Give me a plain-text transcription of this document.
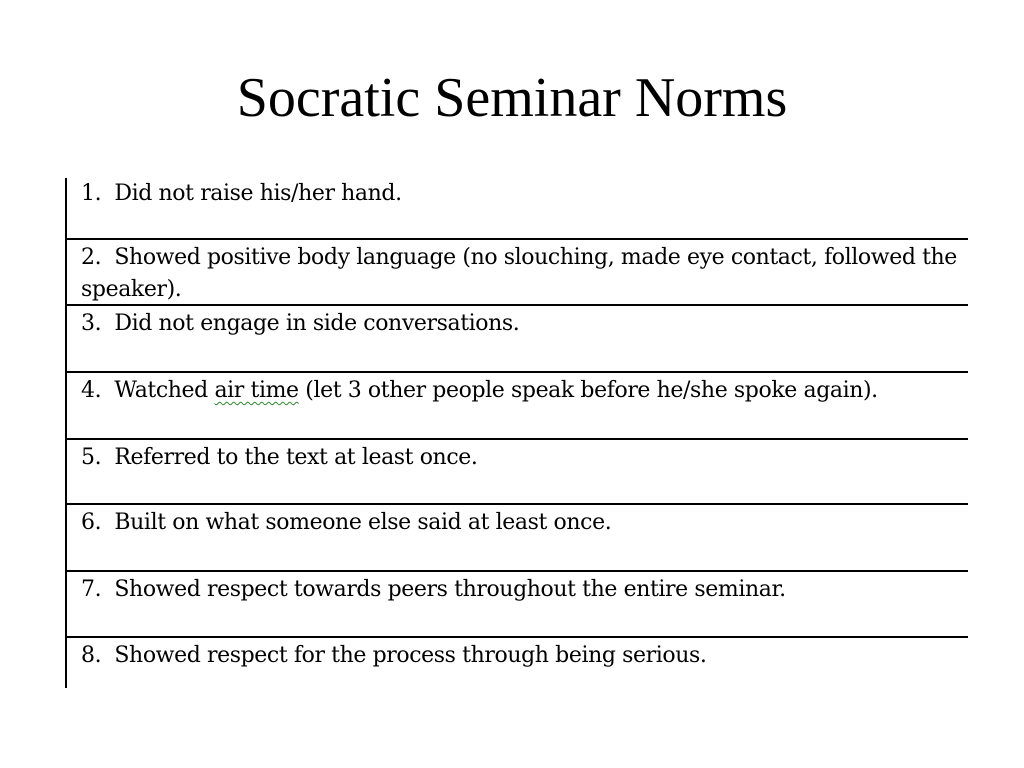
Socratic Seminar Norms
1. Did not raise his/her hand.
2. Showed positive body language (no slouching, made eye contact, followed the speaker).
3. Did not engage in side conversations.
4. Watched air time (let 3 other people speak before he/she spoke again).
5. Referred to the text at least once.
6. Built on what someone else said at least once.
7. Showed respect towards peers throughout the entire seminar.
8. Showed respect for the process through being serious.
